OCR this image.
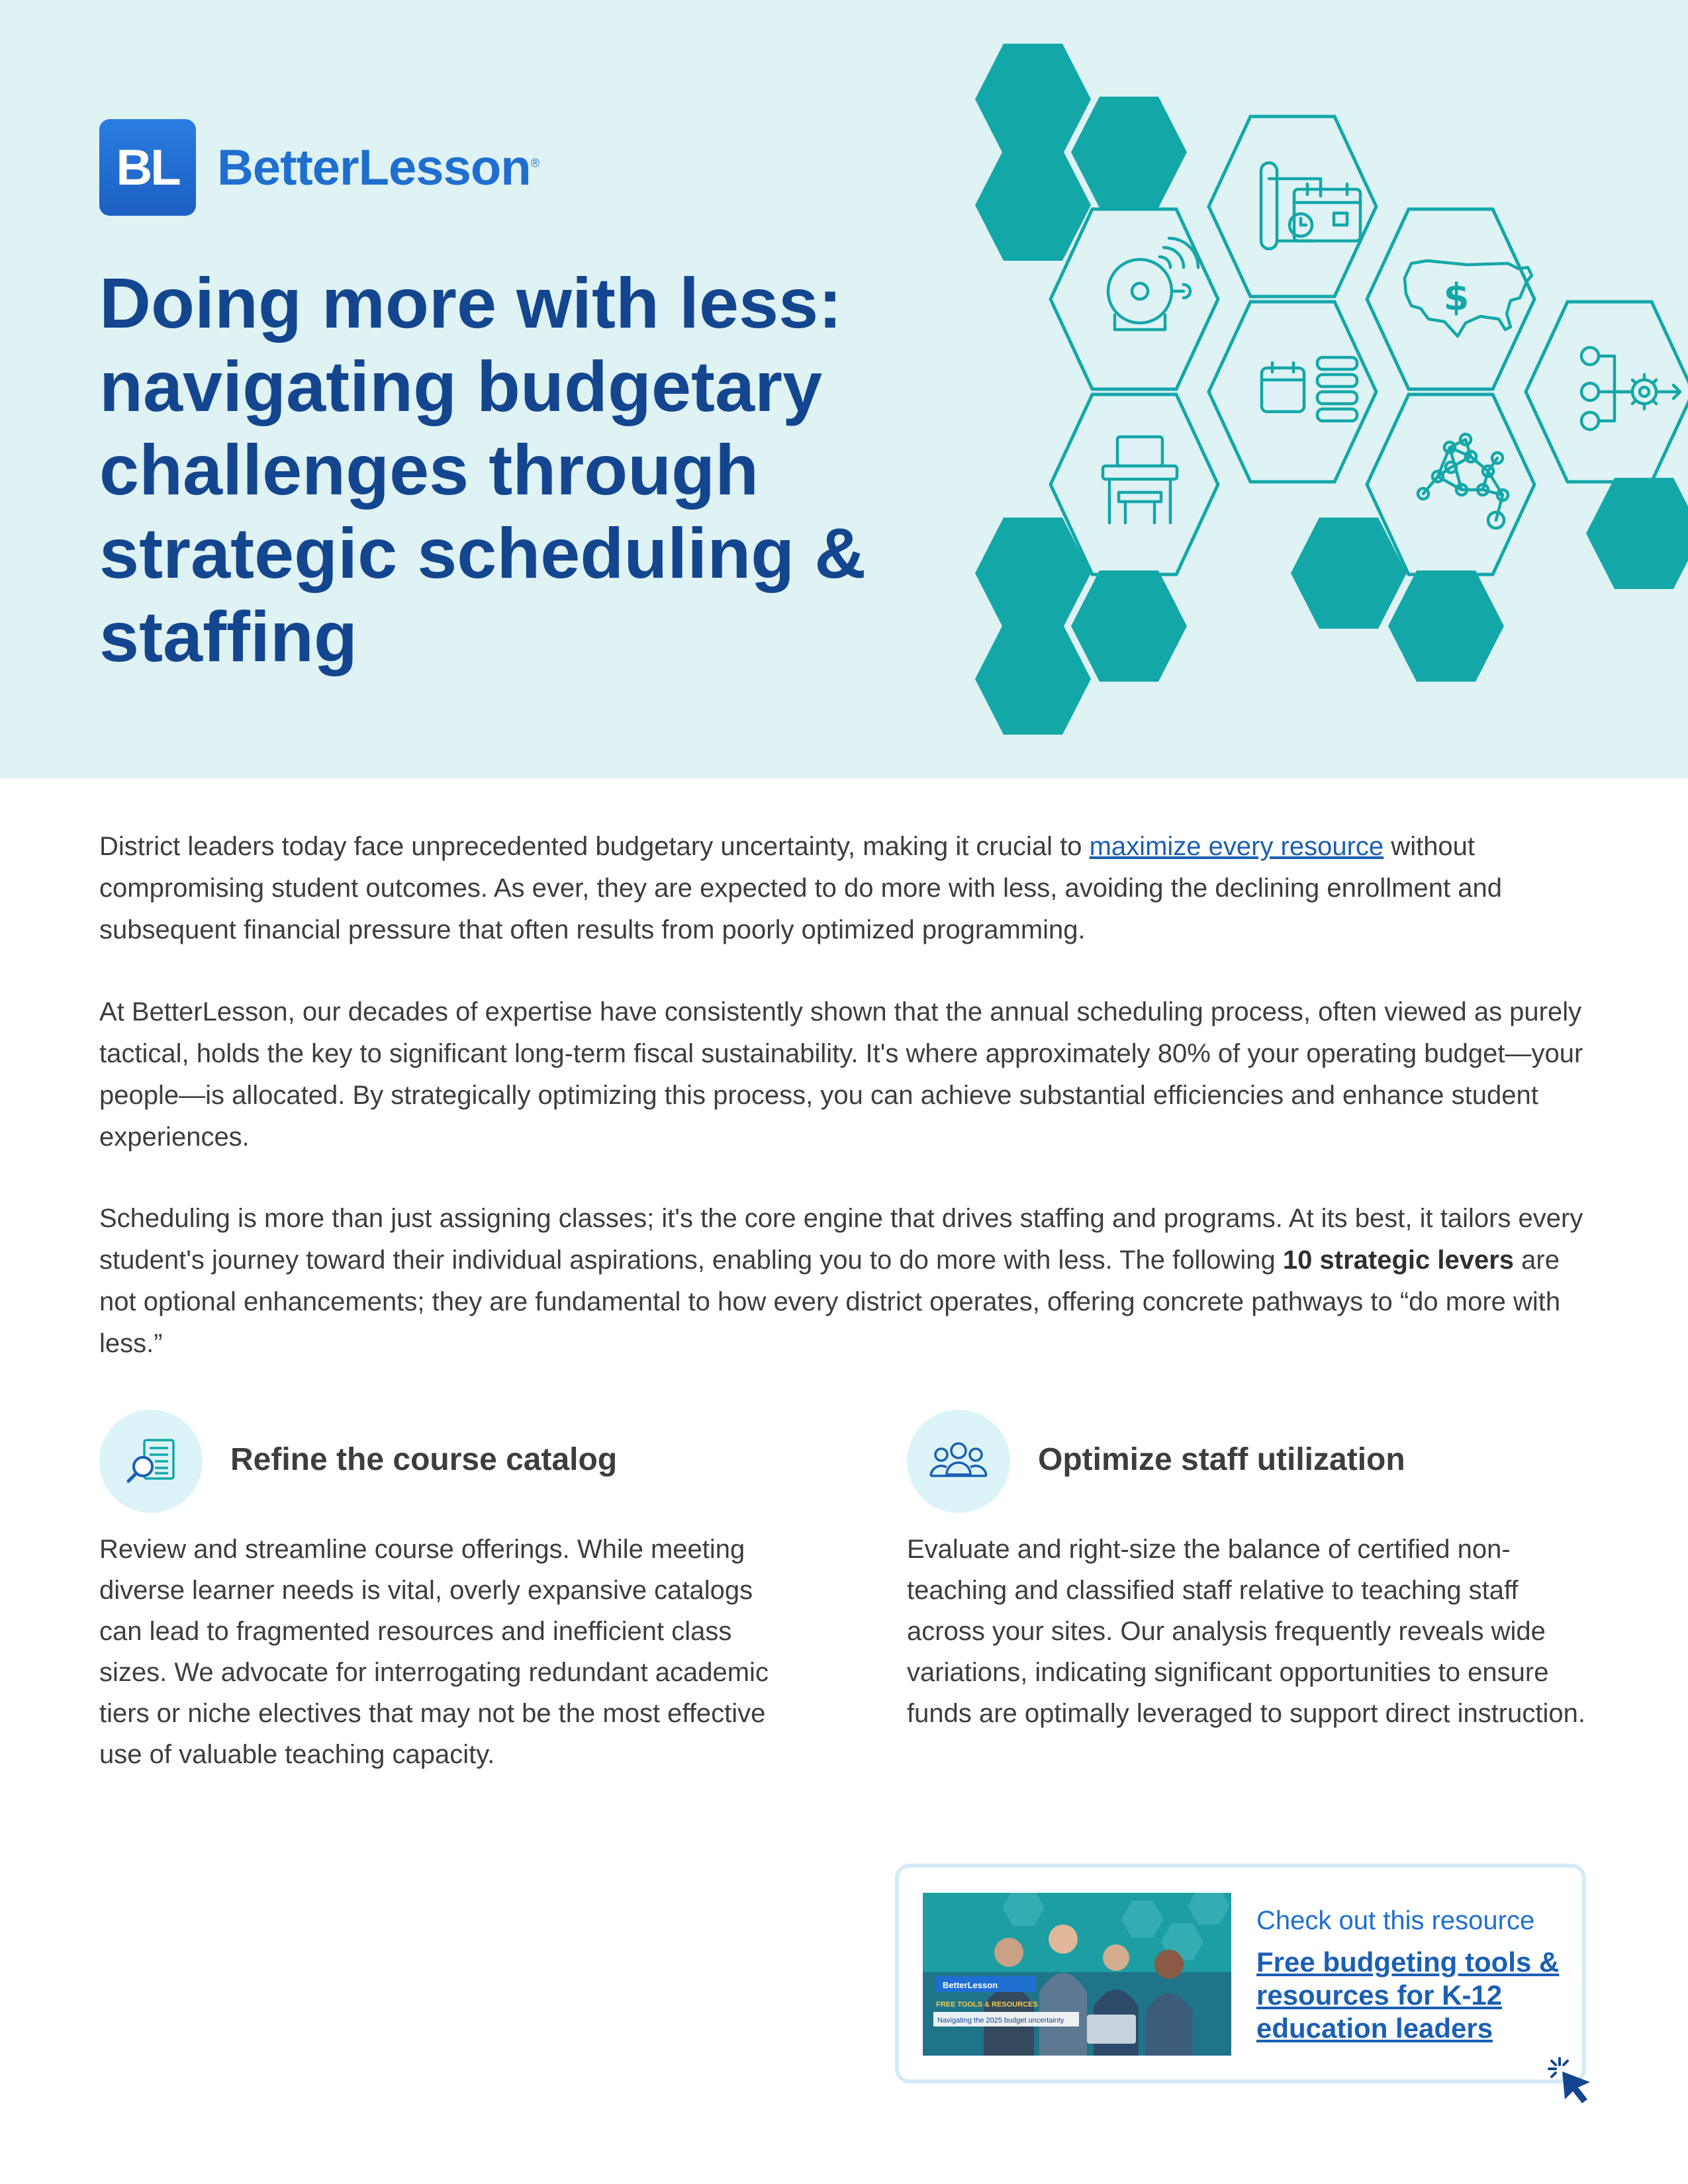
$
BL BetterLesson®
Doing more with less: navigating budgetary challenges through strategic scheduling & staffing

District leaders today face unprecedented budgetary uncertainty, making it crucial to maximize every resource without compromising student outcomes. As ever, they are expected to do more with less, avoiding the declining enrollment and subsequent financial pressure that often results from poorly optimized programming.

At BetterLesson, our decades of expertise have consistently shown that the annual scheduling process, often viewed as purely tactical, holds the key to significant long-term fiscal sustainability. It's where approximately 80% of your operating budget—your people—is allocated. By strategically optimizing this process, you can achieve substantial efficiencies and enhance student experiences.

Scheduling is more than just assigning classes; it's the core engine that drives staffing and programs. At its best, it tailors every student's journey toward their individual aspirations, enabling you to do more with less. The following 10 strategic levers are not optional enhancements; they are fundamental to how every district operates, offering concrete pathways to “do more with less.”

Refine the course catalog

Review and streamline course offerings. While meeting diverse learner needs is vital, overly expansive catalogs can lead to fragmented resources and inefficient class sizes. We advocate for interrogating redundant academic tiers or niche electives that may not be the most effective use of valuable teaching capacity.

Optimize staff utilization

Evaluate and right-size the balance of certified non-teaching and classified staff relative to teaching staff across your sites. Our analysis frequently reveals wide variations, indicating significant opportunities to ensure funds are optimally leveraged to support direct instruction.

BetterLesson
FREE TOOLS & RESOURCES
Navigating the 2025 budget uncertainty

Check out this resource

Free budgeting tools & resources for K-12 education leaders
